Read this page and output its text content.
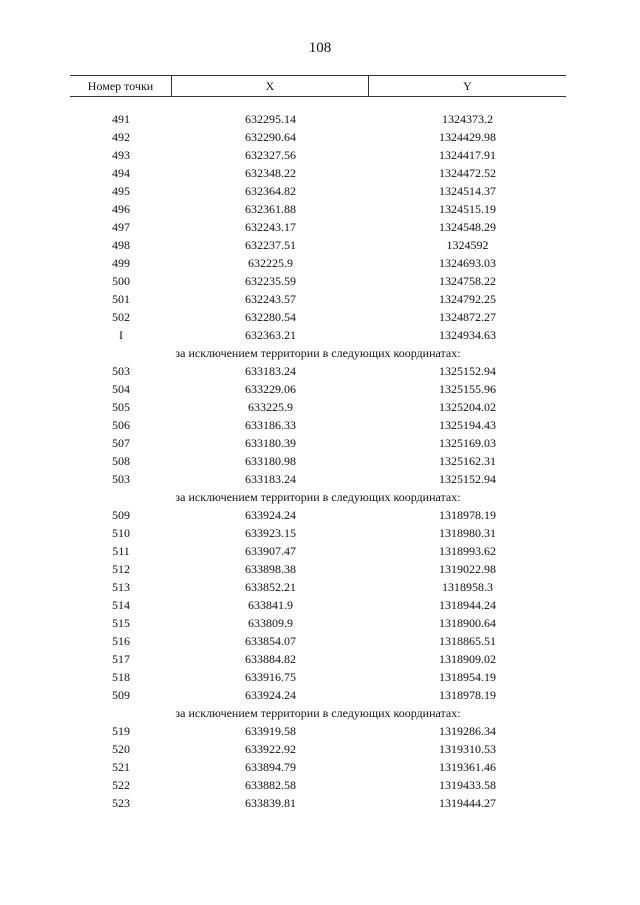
108
Номер точки	X	Y
491	632295.14	1324373.2
492	632290.64	1324429.98
493	632327.56	1324417.91
494	632348.22	1324472.52
495	632364.82	1324514.37
496	632361.88	1324515.19
497	632243.17	1324548.29
498	632237.51	1324592
499	632225.9	1324693.03
500	632235.59	1324758.22
501	632243.57	1324792.25
502	632280.54	1324872.27
I	632363.21	1324934.63
за исключением территории в следующих координатах:
503	633183.24	1325152.94
504	633229.06	1325155.96
505	633225.9	1325204.02
506	633186.33	1325194.43
507	633180.39	1325169.03
508	633180.98	1325162.31
503	633183.24	1325152.94
за исключением территории в следующих координатах:
509	633924.24	1318978.19
510	633923.15	1318980.31
511	633907.47	1318993.62
512	633898.38	1319022.98
513	633852.21	1318958.3
514	633841.9	1318944.24
515	633809.9	1318900.64
516	633854.07	1318865.51
517	633884.82	1318909.02
518	633916.75	1318954.19
509	633924.24	1318978.19
за исключением территории в следующих координатах:
519	633919.58	1319286.34
520	633922.92	1319310.53
521	633894.79	1319361.46
522	633882.58	1319433.58
523	633839.81	1319444.27
